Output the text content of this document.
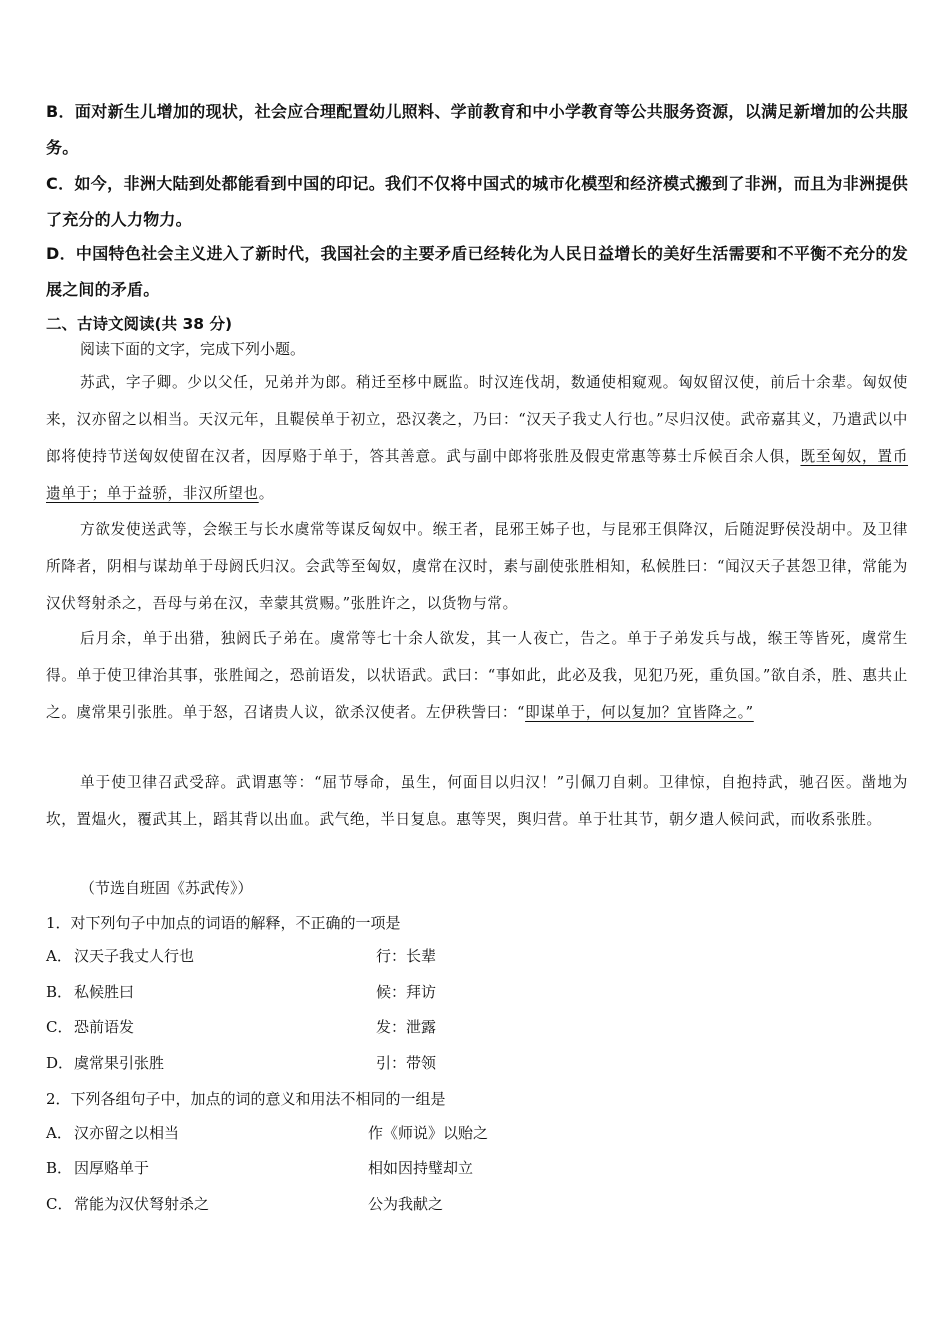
B．面对新生儿增加的现状，社会应合理配置幼儿照料、学前教育和中小学教育等公共服务资源，以满足新增加的公共服务。
C．如今，非洲大陆到处都能看到中国的印记。我们不仅将中国式的城市化模型和经济模式搬到了非洲，而且为非洲提供了充分的人力物力。
D．中国特色社会主义进入了新时代，我国社会的主要矛盾已经转化为人民日益增长的美好生活需要和不平衡不充分的发展之间的矛盾。
二、古诗文阅读(共 38 分)
阅读下面的文字，完成下列小题。
苏武，字子卿。少以父任，兄弟并为郎。稍迁至栘中厩监。时汉连伐胡，数通使相窥观。匈奴留汉使，前后十余辈。匈奴使来，汉亦留之以相当。天汉元年，且鞮侯单于初立，恐汉袭之，乃曰：“汉天子我丈人行也。”尽归汉使。武帝嘉其义，乃遣武以中郎将使持节送匈奴使留在汉者，因厚赂于单于，答其善意。武与副中郎将张胜及假吏常惠等募士斥候百余人俱，既至匈奴，置币遗单于；单于益骄，非汉所望也。
方欲发使送武等，会缑王与长水虞常等谋反匈奴中。缑王者，昆邪王姊子也，与昆邪王俱降汉，后随浞野侯没胡中。及卫律所降者，阴相与谋劫单于母阏氏归汉。会武等至匈奴，虞常在汉时，素与副使张胜相知，私候胜曰：“闻汉天子甚怨卫律，常能为汉伏弩射杀之，吾母与弟在汉，幸蒙其赏赐。”张胜许之，以货物与常。
后月余，单于出猎，独阏氏子弟在。虞常等七十余人欲发，其一人夜亡，告之。单于子弟发兵与战，缑王等皆死，虞常生得。单于使卫律治其事，张胜闻之，恐前语发，以状语武。武曰：“事如此，此必及我，见犯乃死，重负国。”欲自杀，胜、惠共止之。虞常果引张胜。单于怒，召诸贵人议，欲杀汉使者。左伊秩訾曰：“即谋单于，何以复加？宜皆降之。”
单于使卫律召武受辞。武谓惠等：“屈节辱命，虽生，何面目以归汉！”引佩刀自刺。卫律惊，自抱持武，驰召医。凿地为坎，置煴火，覆武其上，蹈其背以出血。武气绝，半日复息。惠等哭，舆归营。单于壮其节，朝夕遣人候问武，而收系张胜。
（节选自班固《苏武传》）
1．对下列句子中加点的词语的解释，不正确的一项是
A． 汉天子我丈人行也	行：长辈
B． 私候胜曰	候：拜访
C． 恐前语发	发：泄露
D．虞常果引张胜	引：带领
2．下列各组句子中，加点的词的意义和用法不相同的一组是
A． 汉亦留之以相当	作《师说》以贻之
B． 因厚赂单于	相如因持璧却立
C． 常能为汉伏弩射杀之	公为我献之
